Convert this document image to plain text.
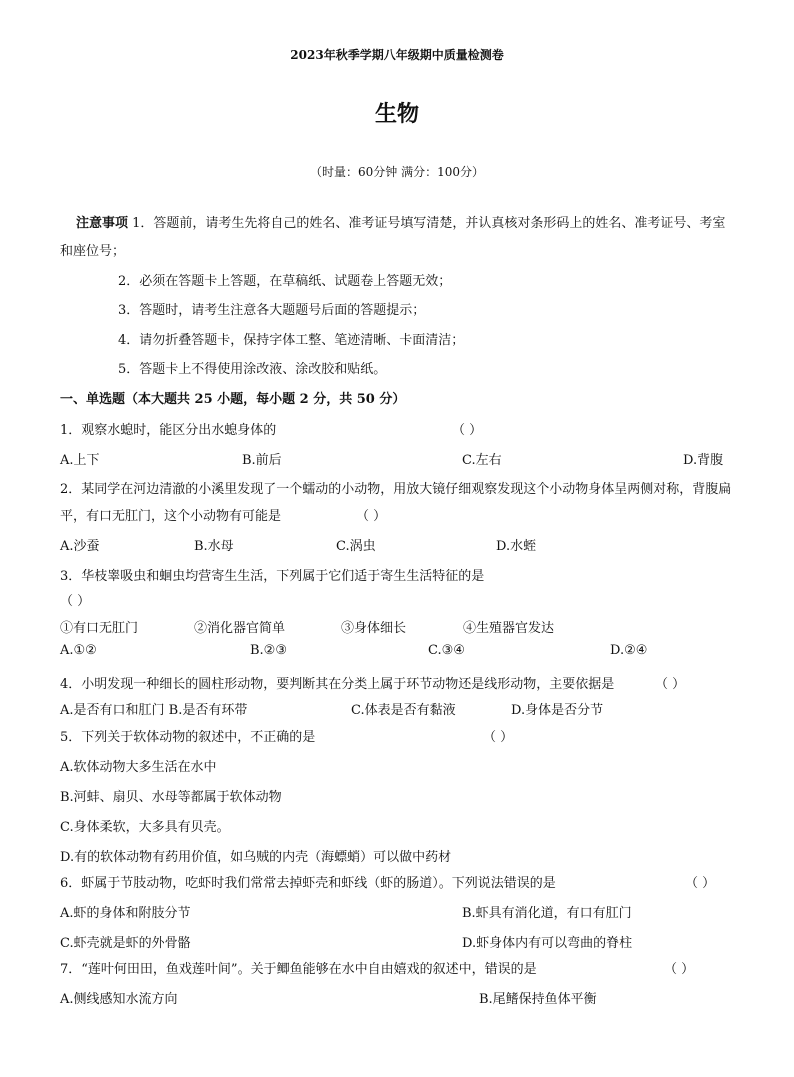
2023年秋季学期八年级期中质量检测卷
生物
（时量：60分钟 满分：100分）
注意事项 1．答题前，请考生先将自己的姓名、准考证号填写清楚，并认真核对条形码上的姓名、准考证号、考室
和座位号；
2．必须在答题卡上答题，在草稿纸、试题卷上答题无效；
3．答题时，请考生注意各大题题号后面的答题提示；
4．请勿折叠答题卡，保持字体工整、笔迹清晰、卡面清洁；
5．答题卡上不得使用涂改液、涂改胶和贴纸。
一、单选题（本大题共 25 小题，每小题 2 分，共 50 分）
1．观察水螅时，能区分出水螅身体的	（ ）
A.上下	B.前后	C.左右	D.背腹
2．某同学在河边清澈的小溪里发现了一个蠕动的小动物，用放大镜仔细观察发现这个小动物身体呈两侧对称，背腹扁
平，有口无肛门，这个小动物有可能是	（ ）
A.沙蚕	B.水母	C.涡虫	D.水蛭
3．华枝睾吸虫和蛔虫均营寄生生活，下列属于它们适于寄生生活特征的是
（ ）
①有口无肛门	②消化器官简单	③身体细长	④生殖器官发达
A.①②	B.②③	C.③④	D.②④
4．小明发现一种细长的圆柱形动物，要判断其在分类上属于环节动物还是线形动物，主要依据是	（ ）
A.是否有口和肛门 B.是否有环带	C.体表是否有黏液	D.身体是否分节
5．下列关于软体动物的叙述中，不正确的是	（ ）
A.软体动物大多生活在水中
B.河蚌、扇贝、水母等都属于软体动物
C.身体柔软，大多具有贝壳。
D.有的软体动物有药用价值，如乌贼的内壳（海螵蛸）可以做中药材
6．虾属于节肢动物，吃虾时我们常常去掉虾壳和虾线（虾的肠道）。下列说法错误的是	（ ）
A.虾的身体和附肢分节	B.虾具有消化道，有口有肛门
C.虾壳就是虾的外骨骼	D.虾身体内有可以弯曲的脊柱
7．“莲叶何田田，鱼戏莲叶间”。关于鲫鱼能够在水中自由嬉戏的叙述中，错误的是	（ ）
A.侧线感知水流方向	B.尾鳍保持鱼体平衡
